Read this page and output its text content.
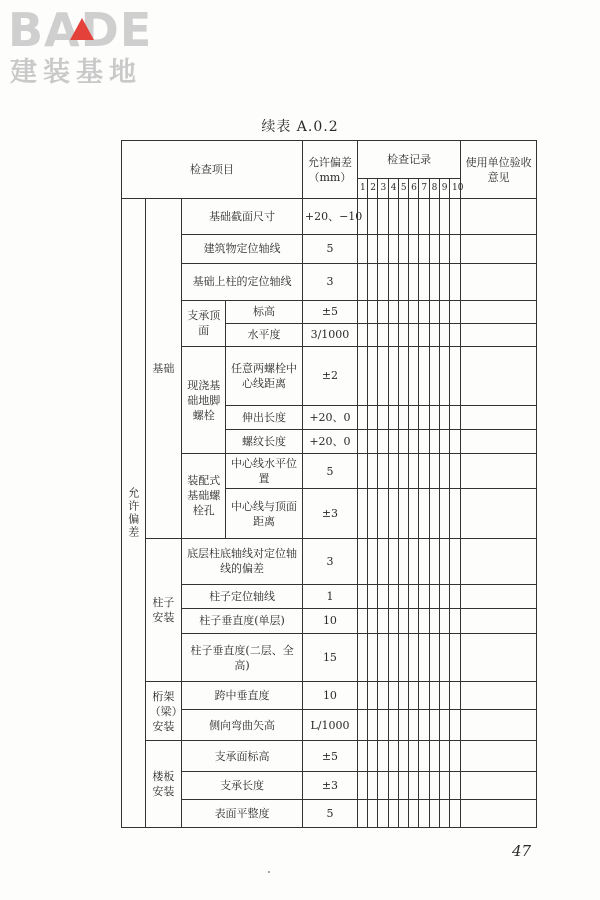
BADE
建装基地
续表 A.0.2
检查项目				允许偏差（mm）	检查记录										使用单位验收意见
					1	2	3	4	5	6	7	8	9	10	
允许偏差	基础	基础截面尺寸		+20、−10											
		建筑物定位轴线		5											
		基础上柱的定位轴线		3											
		支承顶面	标高	±5											
			水平度	3/1000											
		现浇基础地脚螺栓	任意两螺栓中心线距离	±2											
			伸出长度	+20、0											
			螺纹长度	+20、0											
		装配式基础螺栓孔	中心线水平位置	5											
			中心线与顶面距离	±3											
	柱子安装	底层柱底轴线对定位轴线的偏差		3											
		柱子定位轴线		1											
		柱子垂直度(单层)		10											
		柱子垂直度(二层、全高)		15											
	桁架（梁）安装	跨中垂直度		10											
		侧向弯曲矢高		L/1000											
	楼板安装	支承面标高		±5											
		支承长度		±3											
		表面平整度		5											
47
